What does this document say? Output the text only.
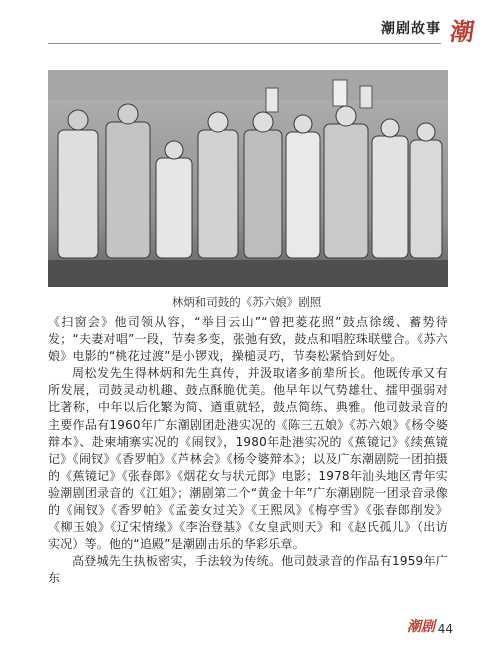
潮剧故事 潮
林炳和司鼓的《苏六娘》剧照

《扫窗会》他司领从容，“举目云山”“曾把菱花照”鼓点徐缓、蓄势待发；“夫妻对唱”一段，节奏多变，张弛有致，鼓点和唱腔珠联璧合。《苏六娘》电影的“桃花过渡”是小锣戏，操槌灵巧，节奏松紧恰到好处。

周松发先生得林炳和先生真传，并汲取诸多前辈所长。他既传承又有所发展，司鼓灵动机趣、鼓点酥脆优美。他早年以气势雄壮、擂甲强弱对比著称，中年以后化繁为简、遒重就轻，鼓点简练、典雅。他司鼓录音的主要作品有1960年广东潮剧团赴港实况的《陈三五娘》《苏六娘》《杨令婆辩本》、赴柬埔寨实况的《闹钗》，1980年赴港实况的《蕉镜记》《续蕉镜记》《闹钗》《香罗帕》《芦林会》《杨令婆辩本》；以及广东潮剧院一团拍摄的《蕉镜记》《张春郎》《烟花女与状元郎》电影；1978年汕头地区青年实验潮剧团录音的《江姐》；潮剧第二个“黄金十年”广东潮剧院一团录音录像的《闹钗》《香罗帕》《孟姜女过关》《王熙凤》《梅亭雪》《张春郎削发》《柳玉娘》《辽宋情缘》《李治登基》《女皇武则天》和《赵氏孤儿》（出访实况）等。他的“追殿”是潮剧击乐的华彩乐章。

高登城先生执板密实，手法较为传统。他司鼓录音的作品有1959年广东

潮剧 44
